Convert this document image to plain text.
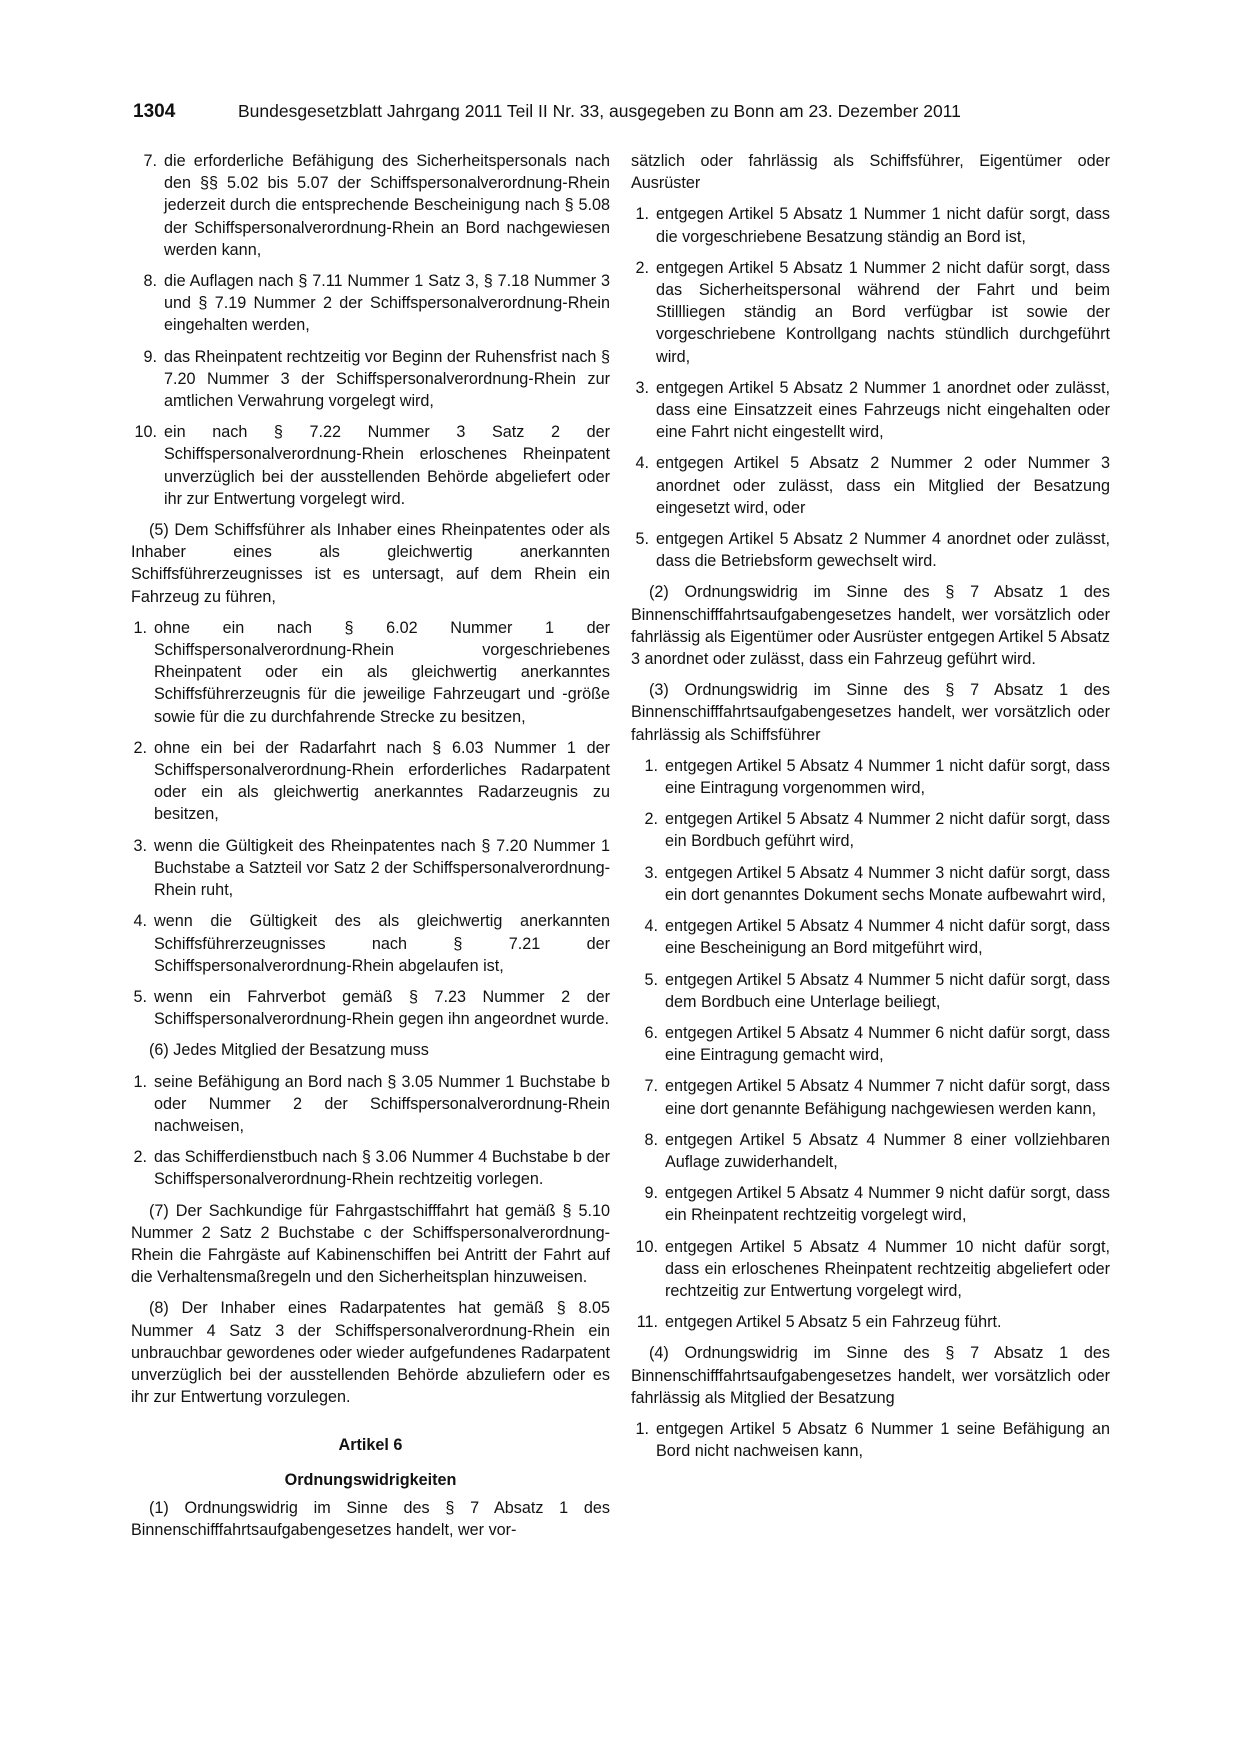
1304	Bundesgesetzblatt Jahrgang 2011 Teil II Nr. 33, ausgegeben zu Bonn am 23. Dezember 2011
7. die erforderliche Befähigung des Sicherheitspersonals nach den §§ 5.02 bis 5.07 der Schiffspersonalverordnung-Rhein jederzeit durch die entsprechende Bescheinigung nach § 5.08 der Schiffspersonalverordnung-Rhein an Bord nachgewiesen werden kann,
8. die Auflagen nach § 7.11 Nummer 1 Satz 3, § 7.18 Nummer 3 und § 7.19 Nummer 2 der Schiffspersonalverordnung-Rhein eingehalten werden,
9. das Rheinpatent rechtzeitig vor Beginn der Ruhensfrist nach § 7.20 Nummer 3 der Schiffspersonalverordnung-Rhein zur amtlichen Verwahrung vorgelegt wird,
10. ein nach § 7.22 Nummer 3 Satz 2 der Schiffspersonalverordnung-Rhein erloschenes Rheinpatent unverzüglich bei der ausstellenden Behörde abgeliefert oder ihr zur Entwertung vorgelegt wird.

(5) Dem Schiffsführer als Inhaber eines Rheinpatentes oder als Inhaber eines als gleichwertig anerkannten Schiffsführerzeugnisses ist es untersagt, auf dem Rhein ein Fahrzeug zu führen,

1. ohne ein nach § 6.02 Nummer 1 der Schiffspersonalverordnung-Rhein vorgeschriebenes Rheinpatent oder ein als gleichwertig anerkanntes Schiffsführerzeugnis für die jeweilige Fahrzeugart und -größe sowie für die zu durchfahrende Strecke zu besitzen,
2. ohne ein bei der Radarfahrt nach § 6.03 Nummer 1 der Schiffspersonalverordnung-Rhein erforderliches Radarpatent oder ein als gleichwertig anerkanntes Radarzeugnis zu besitzen,
3. wenn die Gültigkeit des Rheinpatentes nach § 7.20 Nummer 1 Buchstabe a Satzteil vor Satz 2 der Schiffspersonalverordnung-Rhein ruht,
4. wenn die Gültigkeit des als gleichwertig anerkannten Schiffsführerzeugnisses nach § 7.21 der Schiffspersonalverordnung-Rhein abgelaufen ist,
5. wenn ein Fahrverbot gemäß § 7.23 Nummer 2 der Schiffspersonalverordnung-Rhein gegen ihn angeordnet wurde.

(6) Jedes Mitglied der Besatzung muss

1. seine Befähigung an Bord nach § 3.05 Nummer 1 Buchstabe b oder Nummer 2 der Schiffspersonalverordnung-Rhein nachweisen,
2. das Schifferdienstbuch nach § 3.06 Nummer 4 Buchstabe b der Schiffspersonalverordnung-Rhein rechtzeitig vorlegen.

(7) Der Sachkundige für Fahrgastschifffahrt hat gemäß § 5.10 Nummer 2 Satz 2 Buchstabe c der Schiffspersonalverordnung-Rhein die Fahrgäste auf Kabinenschiffen bei Antritt der Fahrt auf die Verhaltensmaßregeln und den Sicherheitsplan hinzuweisen.

(8) Der Inhaber eines Radarpatentes hat gemäß § 8.05 Nummer 4 Satz 3 der Schiffspersonalverordnung-Rhein ein unbrauchbar gewordenes oder wieder aufgefundenes Radarpatent unverzüglich bei der ausstellenden Behörde abzuliefern oder es ihr zur Entwertung vorzulegen.

Artikel 6
Ordnungswidrigkeiten

(1) Ordnungswidrig im Sinne des § 7 Absatz 1 des Binnenschifffahrtsaufgabengesetzes handelt, wer vor-

sätzlich oder fahrlässig als Schiffsführer, Eigentümer oder Ausrüster

1. entgegen Artikel 5 Absatz 1 Nummer 1 nicht dafür sorgt, dass die vorgeschriebene Besatzung ständig an Bord ist,
2. entgegen Artikel 5 Absatz 1 Nummer 2 nicht dafür sorgt, dass das Sicherheitspersonal während der Fahrt und beim Stillliegen ständig an Bord verfügbar ist sowie der vorgeschriebene Kontrollgang nachts stündlich durchgeführt wird,
3. entgegen Artikel 5 Absatz 2 Nummer 1 anordnet oder zulässt, dass eine Einsatzzeit eines Fahrzeugs nicht eingehalten oder eine Fahrt nicht eingestellt wird,
4. entgegen Artikel 5 Absatz 2 Nummer 2 oder Nummer 3 anordnet oder zulässt, dass ein Mitglied der Besatzung eingesetzt wird, oder
5. entgegen Artikel 5 Absatz 2 Nummer 4 anordnet oder zulässt, dass die Betriebsform gewechselt wird.

(2) Ordnungswidrig im Sinne des § 7 Absatz 1 des Binnenschifffahrtsaufgabengesetzes handelt, wer vorsätzlich oder fahrlässig als Eigentümer oder Ausrüster entgegen Artikel 5 Absatz 3 anordnet oder zulässt, dass ein Fahrzeug geführt wird.

(3) Ordnungswidrig im Sinne des § 7 Absatz 1 des Binnenschifffahrtsaufgabengesetzes handelt, wer vorsätzlich oder fahrlässig als Schiffsführer

1. entgegen Artikel 5 Absatz 4 Nummer 1 nicht dafür sorgt, dass eine Eintragung vorgenommen wird,
2. entgegen Artikel 5 Absatz 4 Nummer 2 nicht dafür sorgt, dass ein Bordbuch geführt wird,
3. entgegen Artikel 5 Absatz 4 Nummer 3 nicht dafür sorgt, dass ein dort genanntes Dokument sechs Monate aufbewahrt wird,
4. entgegen Artikel 5 Absatz 4 Nummer 4 nicht dafür sorgt, dass eine Bescheinigung an Bord mitgeführt wird,
5. entgegen Artikel 5 Absatz 4 Nummer 5 nicht dafür sorgt, dass dem Bordbuch eine Unterlage beiliegt,
6. entgegen Artikel 5 Absatz 4 Nummer 6 nicht dafür sorgt, dass eine Eintragung gemacht wird,
7. entgegen Artikel 5 Absatz 4 Nummer 7 nicht dafür sorgt, dass eine dort genannte Befähigung nachgewiesen werden kann,
8. entgegen Artikel 5 Absatz 4 Nummer 8 einer vollziehbaren Auflage zuwiderhandelt,
9. entgegen Artikel 5 Absatz 4 Nummer 9 nicht dafür sorgt, dass ein Rheinpatent rechtzeitig vorgelegt wird,
10. entgegen Artikel 5 Absatz 4 Nummer 10 nicht dafür sorgt, dass ein erloschenes Rheinpatent rechtzeitig abgeliefert oder rechtzeitig zur Entwertung vorgelegt wird,
11. entgegen Artikel 5 Absatz 5 ein Fahrzeug führt.

(4) Ordnungswidrig im Sinne des § 7 Absatz 1 des Binnenschifffahrtsaufgabengesetzes handelt, wer vorsätzlich oder fahrlässig als Mitglied der Besatzung

1. entgegen Artikel 5 Absatz 6 Nummer 1 seine Befähigung an Bord nicht nachweisen kann,
